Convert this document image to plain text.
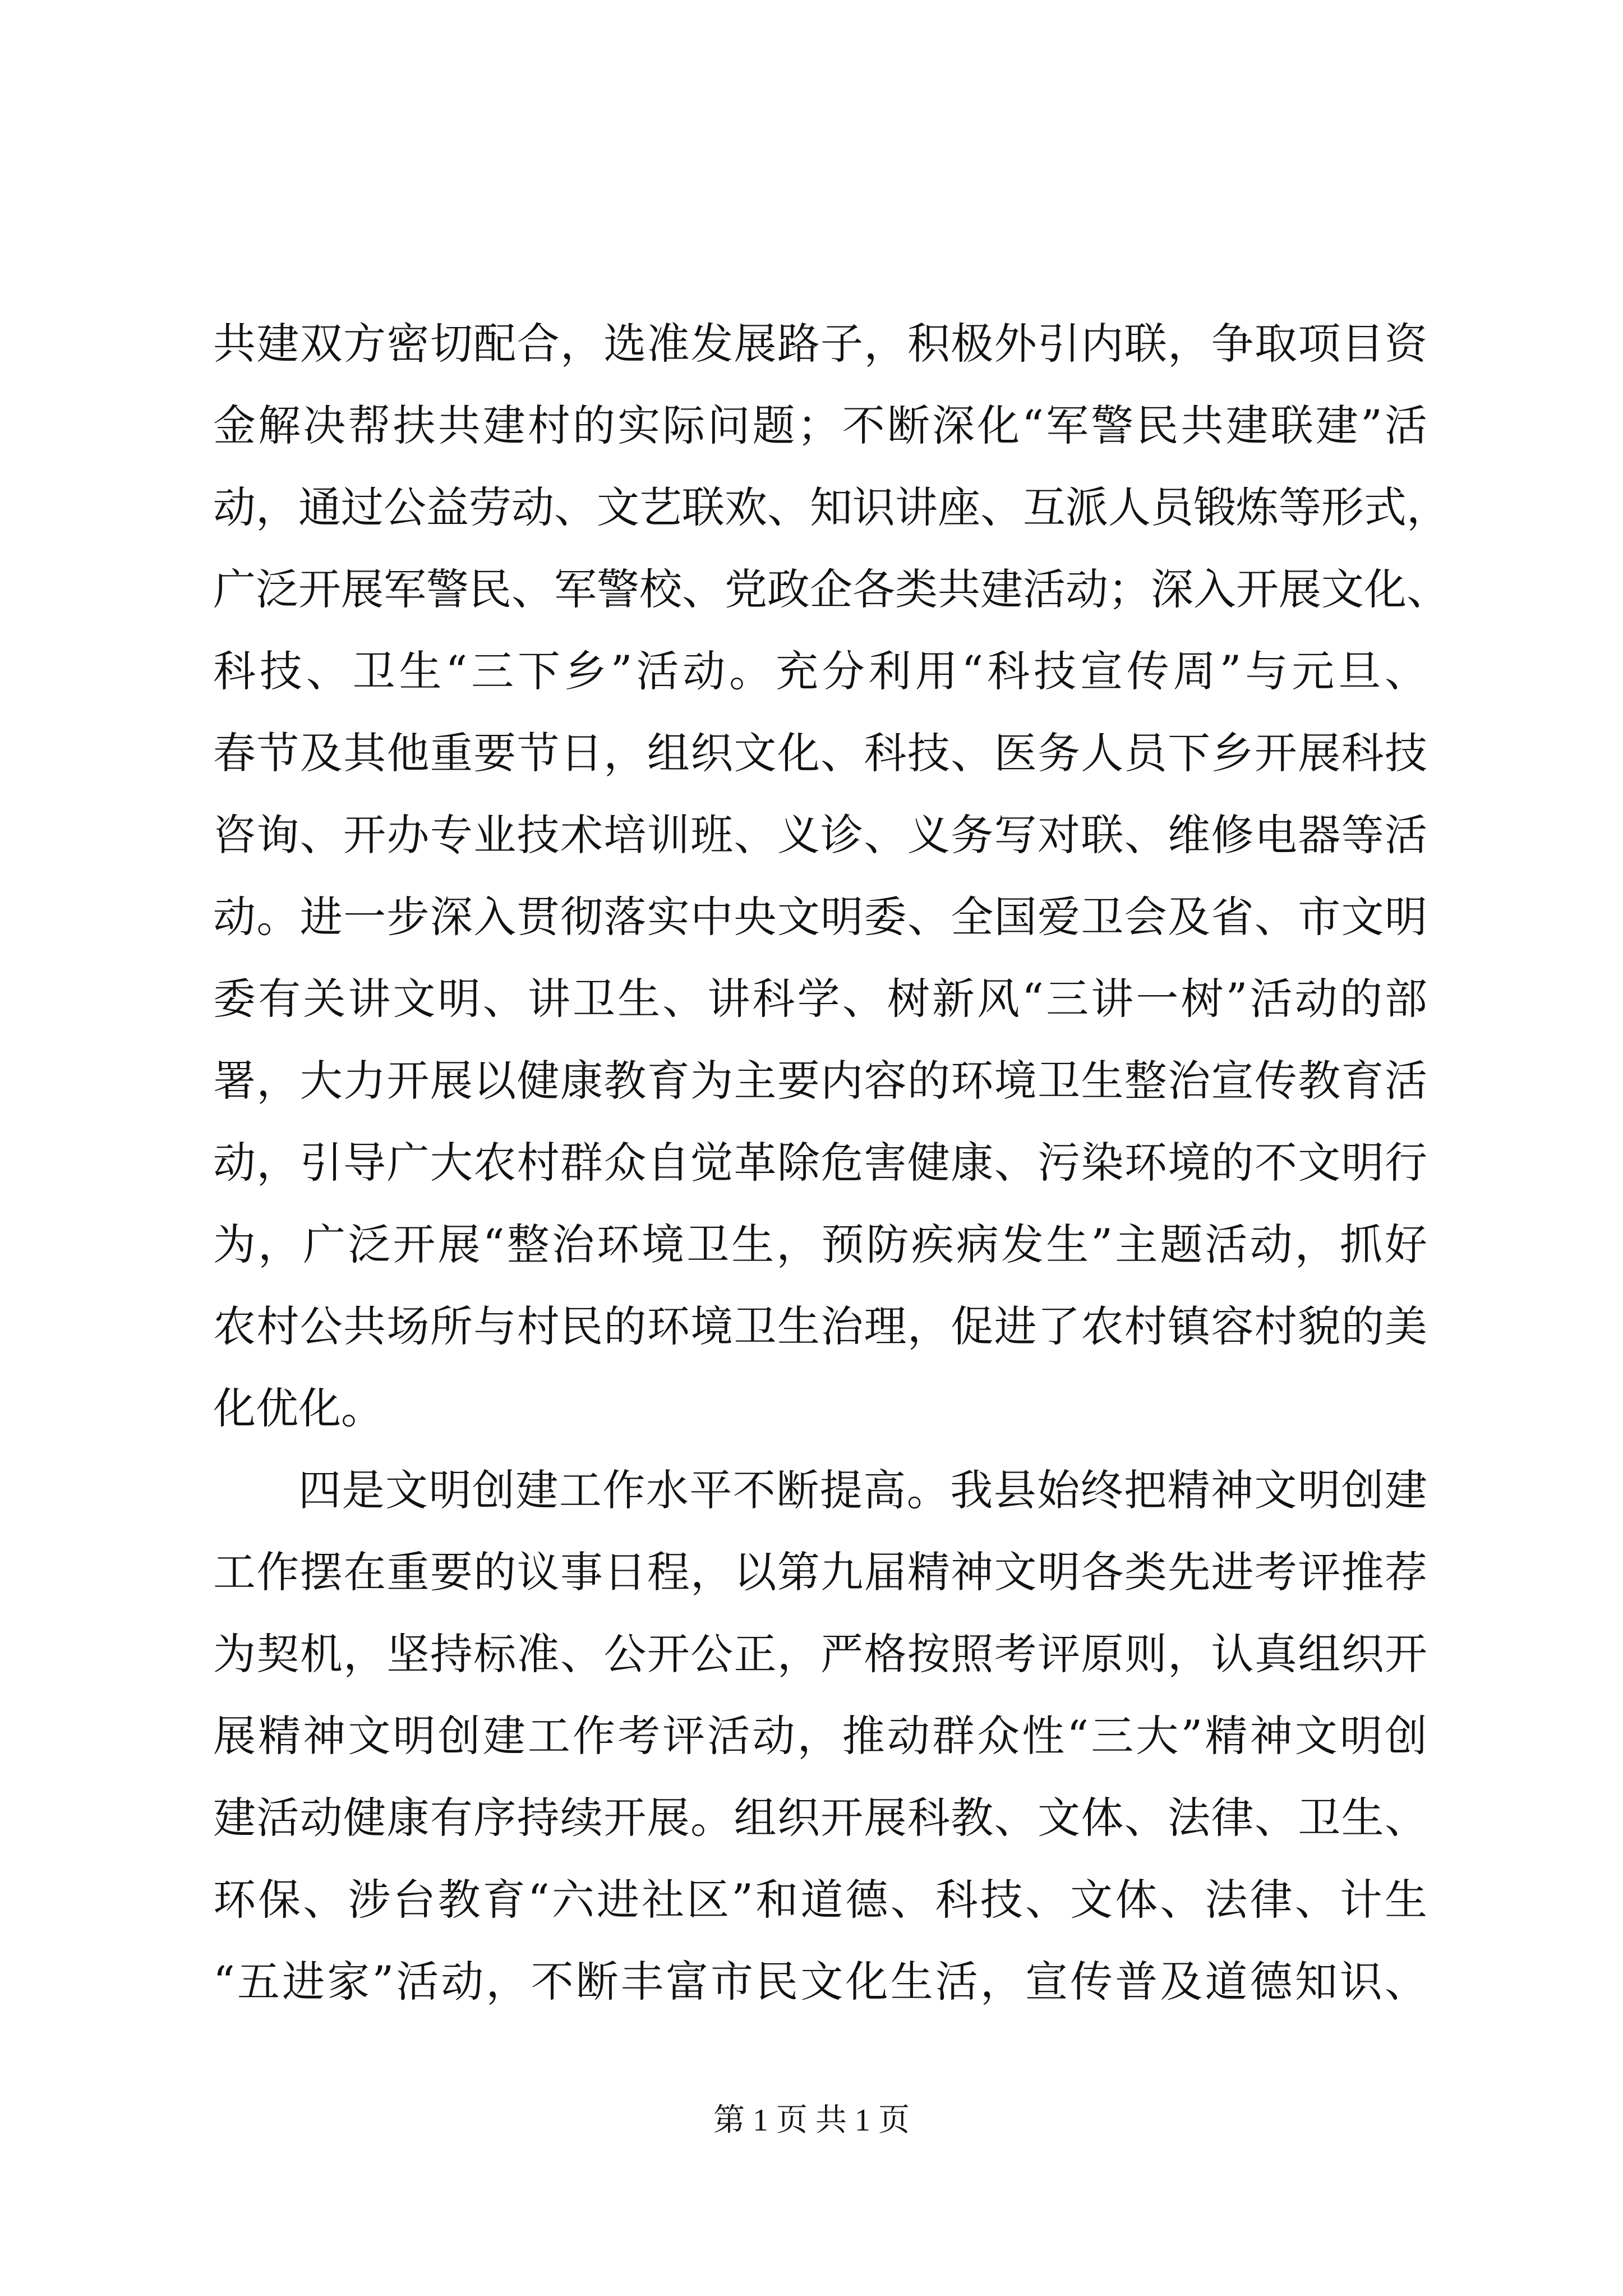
共建双方密切配合，选准发展路子，积极外引内联，争取项目资
金解决帮扶共建村的实际问题；不断深化“军警民共建联建”活
动，通过公益劳动、文艺联欢、知识讲座、互派人员锻炼等形式，
广泛开展军警民、军警校、党政企各类共建活动；深入开展文化、
科技、卫生“三下乡”活动。充分利用“科技宣传周”与元旦、
春节及其他重要节日，组织文化、科技、医务人员下乡开展科技
咨询、开办专业技术培训班、义诊、义务写对联、维修电器等活
动。进一步深入贯彻落实中央文明委、全国爱卫会及省、市文明
委有关讲文明、讲卫生、讲科学、树新风“三讲一树”活动的部
署，大力开展以健康教育为主要内容的环境卫生整治宣传教育活
动，引导广大农村群众自觉革除危害健康、污染环境的不文明行
为，广泛开展“整治环境卫生，预防疾病发生”主题活动，抓好
农村公共场所与村民的环境卫生治理，促进了农村镇容村貌的美
化优化。
四是文明创建工作水平不断提高。我县始终把精神文明创建
工作摆在重要的议事日程，以第九届精神文明各类先进考评推荐
为契机，坚持标准、公开公正，严格按照考评原则，认真组织开
展精神文明创建工作考评活动，推动群众性“三大”精神文明创
建活动健康有序持续开展。组织开展科教、文体、法律、卫生、
环保、涉台教育“六进社区”和道德、科技、文体、法律、计生
“五进家”活动，不断丰富市民文化生活，宣传普及道德知识、
第 1 页 共 1 页
